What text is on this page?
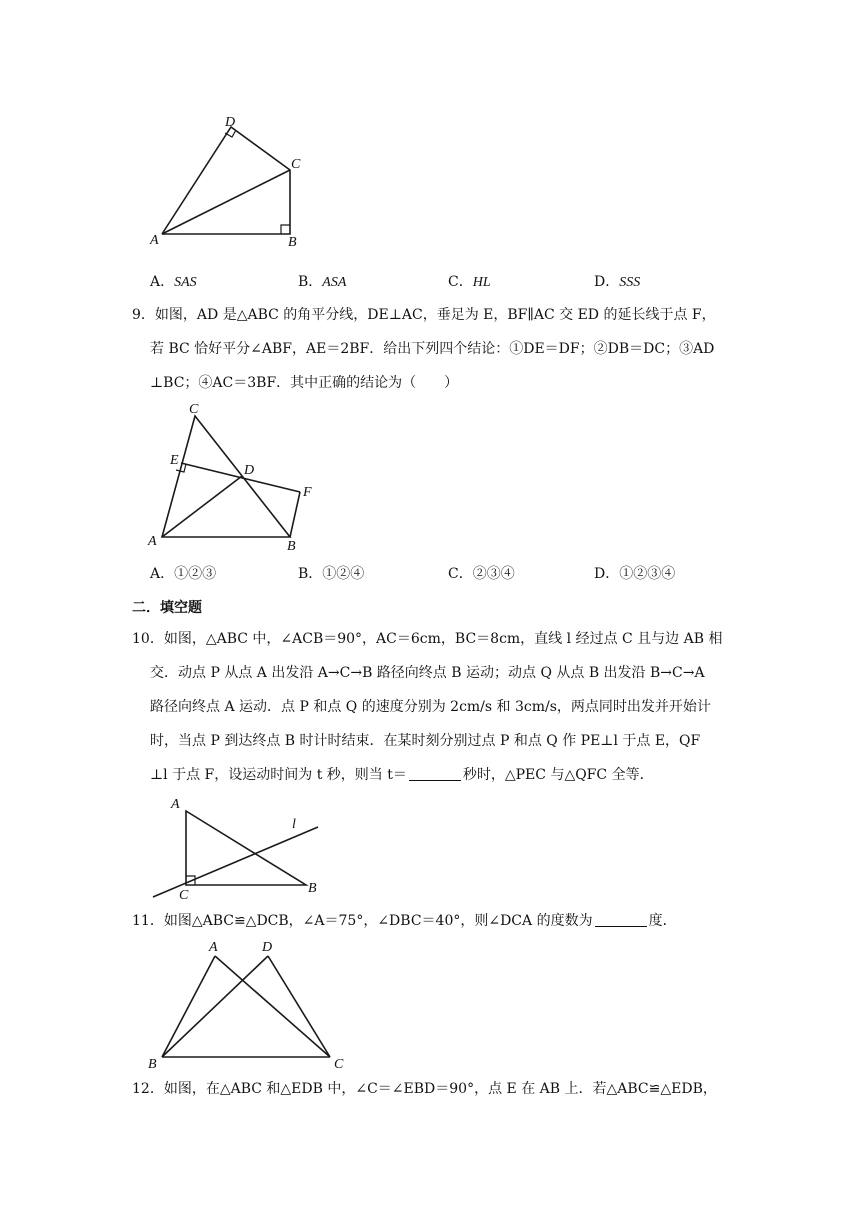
D
C
A	B
A．SAS	B．ASA	C．HL	D．SSS
9．如图，AD 是△ABC 的角平分线，DE⊥AC，垂足为 E，BF∥AC 交 ED 的延长线于点 F，
若 BC 恰好平分∠ABF，AE＝2BF．给出下列四个结论：①DE＝DF；②DB＝DC；③AD
⊥BC；④AC＝3BF．其中正确的结论为（　　）
C
E
D
F
A	B
A．①②③	B．①②④	C．②③④	D．①②③④
二．填空题
10．如图，△ABC 中，∠ACB＝90°，AC＝6cm，BC＝8cm，直线 l 经过点 C 且与边 AB 相
交．动点 P 从点 A 出发沿 A→C→B 路径向终点 B 运动；动点 Q 从点 B 出发沿 B→C→A
路径向终点 A 运动．点 P 和点 Q 的速度分别为 2cm/s 和 3cm/s，两点同时出发并开始计
时，当点 P 到达终点 B 时计时结束．在某时刻分别过点 P 和点 Q 作 PE⊥l 于点 E，QF
⊥l 于点 F，设运动时间为 t 秒，则当 t＝	秒时，△PEC 与△QFC 全等．
A
l
C	B
11．如图△ABC≌△DCB，∠A＝75°，∠DBC＝40°，则∠DCA 的度数为	度．
A	D
B	C
12．如图，在△ABC 和△EDB 中，∠C＝∠EBD＝90°，点 E 在 AB 上．若△ABC≌△EDB，
